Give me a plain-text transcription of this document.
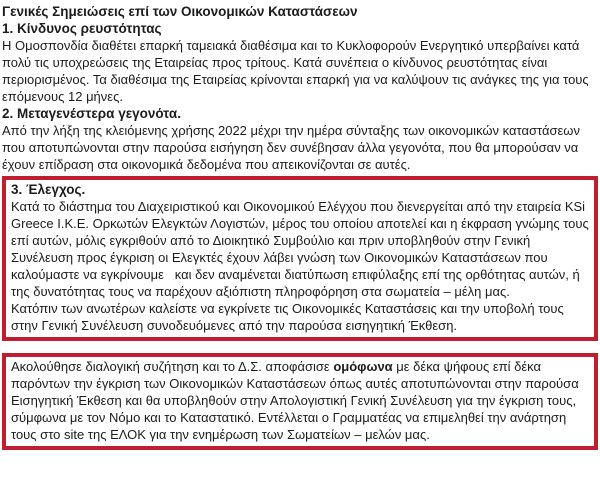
Γενικές Σημειώσεις επί των Οικονομικών Καταστάσεων
1. Κίνδυνος ρευστότητας

Η Ομοσπονδία διαθέτει επαρκή ταμειακά διαθέσιμα και το Κυκλοφορούν Ενεργητικό υπερβαίνει κατά πολύ τις υποχρεώσεις της Εταιρείας προς τρίτους. Κατά συνέπεια ο κίνδυνος ρευστότητας είναι περιορισμένος. Τα διαθέσιμα της Εταιρείας κρίνονται επαρκή για να καλύψουν τις ανάγκες της για τους επόμενους 12 μήνες.

2. Μεταγενέστερα γεγονότα.

Από την λήξη της κλειόμενης χρήσης 2022 μέχρι την ημέρα σύνταξης των οικονομικών καταστάσεων που αποτυπώνονται στην παρούσα εισήγηση δεν συνέβησαν άλλα γεγονότα, που θα μπορούσαν να έχουν επίδραση στα οικονομικά δεδομένα που απεικονίζονται σε αυτές.

3. Έλεγχος.

Κατά το διάστημα του Διαχειριστικού και Οικονομικού Ελέγχου που διενεργείται από την εταιρεία KSi Greece Ι.Κ.Ε. Ορκωτών Ελεγκτών Λογιστών, μέρος του οποίου αποτελεί και η έκφραση γνώμης τους επί αυτών, μόλις εγκριθούν από το Διοικητικό Συμβούλιο και πριν υποβληθούν στην Γενική Συνέλευση προς έγκριση οι Ελεγκτές έχουν λάβει γνώση των Οικονομικών Καταστάσεων που καλούμαστε να εγκρίνουμε   και δεν αναμένεται διατύπωση επιφύλαξης επί της ορθότητας αυτών, ή της δυνατότητας τους να παρέχουν αξιόπιστη πληροφόρηση στα σωματεία – μέλη μας.

Κατόπιν των ανωτέρων καλείστε να εγκρίνετε τις Οικονομικές Καταστάσεις και την υποβολή τους στην Γενική Συνέλευση συνοδευόμενες από την παρούσα εισηγητική Έκθεση.

Ακολούθησε διαλογική συζήτηση και το Δ.Σ. αποφάσισε ομόφωνα με δέκα ψήφους επί δέκα παρόντων την έγκριση των Οικονομικών Καταστάσεων όπως αυτές αποτυπώνονται στην παρούσα Εισηγητική Έκθεση και θα υποβληθούν στην Απολογιστική Γενική Συνέλευση για την έγκριση τους, σύμφωνα με τον Νόμο και το Καταστατικό. Εντέλλεται ο Γραμματέας να επιμεληθεί την ανάρτηση τους στο site της ΕΛΟΚ για την ενημέρωση των Σωματείων – μελών μας.
